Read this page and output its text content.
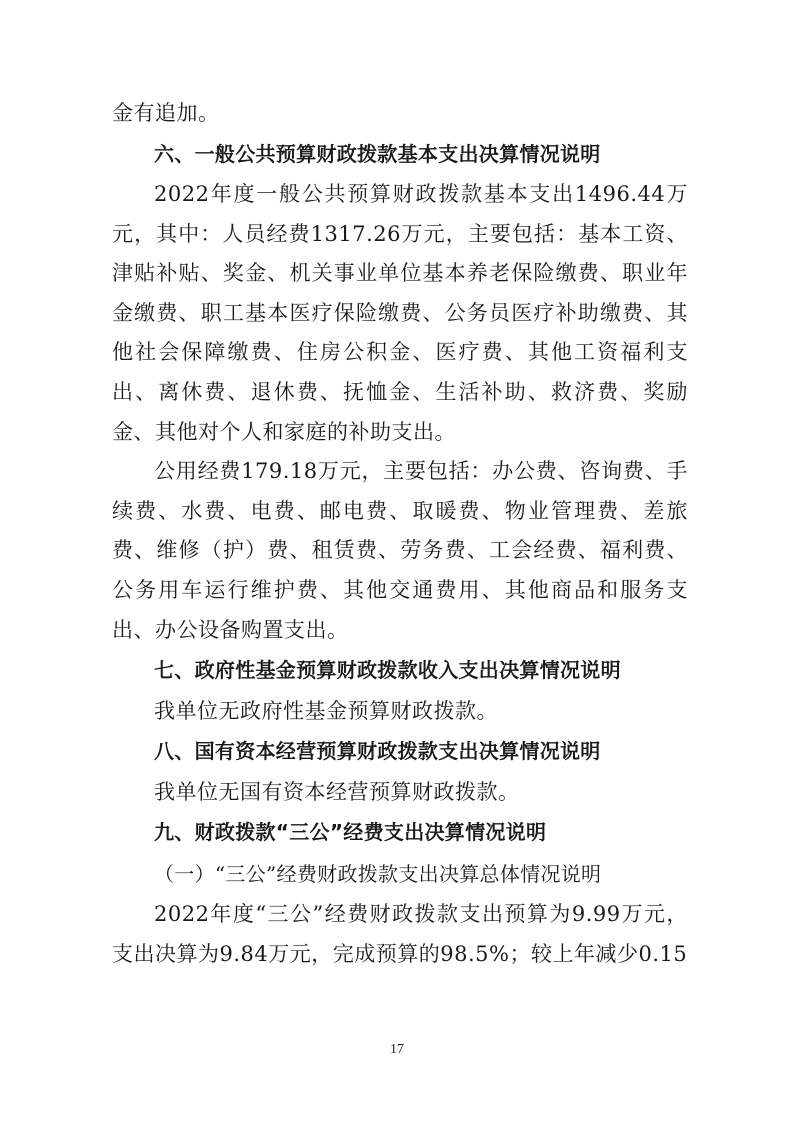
金有追加。

六、一般公共预算财政拨款基本支出决算情况说明

2022年度一般公共预算财政拨款基本支出1496.44万元，其中：人员经费1317.26万元，主要包括：基本工资、津贴补贴、奖金、机关事业单位基本养老保险缴费、职业年金缴费、职工基本医疗保险缴费、公务员医疗补助缴费、其他社会保障缴费、住房公积金、医疗费、其他工资福利支出、离休费、退休费、抚恤金、生活补助、救济费、奖励金、其他对个人和家庭的补助支出。

公用经费179.18万元，主要包括：办公费、咨询费、手续费、水费、电费、邮电费、取暖费、物业管理费、差旅费、维修（护）费、租赁费、劳务费、工会经费、福利费、公务用车运行维护费、其他交通费用、其他商品和服务支出、办公设备购置支出。

七、政府性基金预算财政拨款收入支出决算情况说明

我单位无政府性基金预算财政拨款。

八、国有资本经营预算财政拨款支出决算情况说明

我单位无国有资本经营预算财政拨款。

九、财政拨款“三公”经费支出决算情况说明

（一）“三公”经费财政拨款支出决算总体情况说明

2022年度“三公”经费财政拨款支出预算为9.99万元，支出决算为9.84万元，完成预算的98.5%；较上年减少0.15

17
